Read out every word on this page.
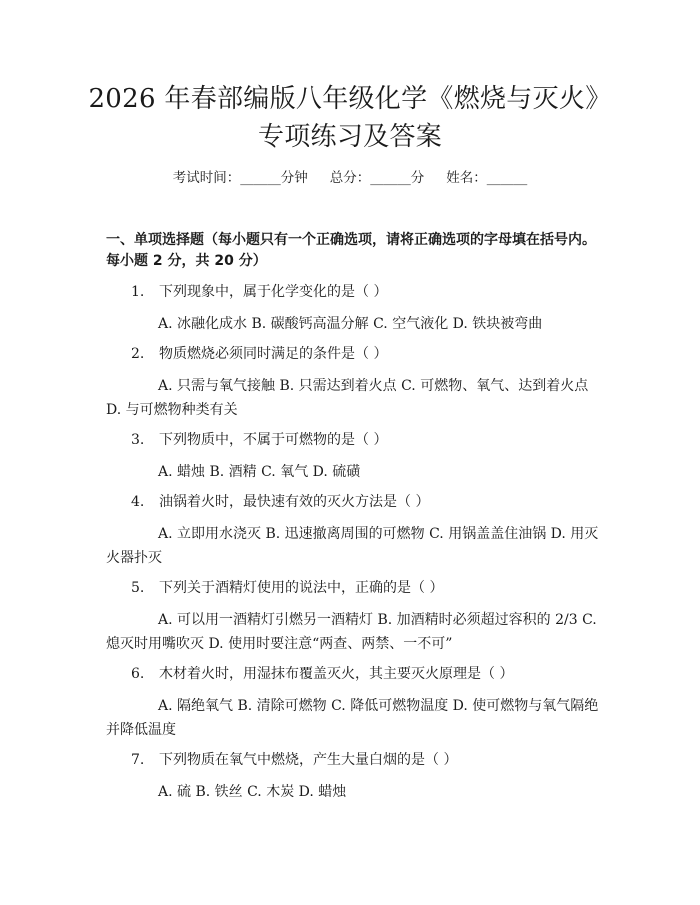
2026 年春部编版八年级化学《燃烧与灭火》
专项练习及答案
考试时间：______分钟 总分：______分 姓名：______
一、单项选择题（每小题只有一个正确选项，请将正确选项的字母填在括号内。每小题 2 分，共 20 分）
1. 下列现象中，属于化学变化的是（ ）
A. 冰融化成水 B. 碳酸钙高温分解 C. 空气液化 D. 铁块被弯曲
2. 物质燃烧必须同时满足的条件是（ ）
A. 只需与氧气接触 B. 只需达到着火点 C. 可燃物、氧气、达到着火点 D. 与可燃物种类有关
3. 下列物质中，不属于可燃物的是（ ）
A. 蜡烛 B. 酒精 C. 氧气 D. 硫磺
4. 油锅着火时，最快速有效的灭火方法是（ ）
A. 立即用水浇灭 B. 迅速撤离周围的可燃物 C. 用锅盖盖住油锅 D. 用灭火器扑灭
5. 下列关于酒精灯使用的说法中，正确的是（ ）
A. 可以用一酒精灯引燃另一酒精灯 B. 加酒精时必须超过容积的 2/3 C. 熄灭时用嘴吹灭 D. 使用时要注意“两查、两禁、一不可”
6. 木材着火时，用湿抹布覆盖灭火，其主要灭火原理是（ ）
A. 隔绝氧气 B. 清除可燃物 C. 降低可燃物温度 D. 使可燃物与氧气隔绝并降低温度
7. 下列物质在氧气中燃烧，产生大量白烟的是（ ）
A. 硫 B. 铁丝 C. 木炭 D. 蜡烛
